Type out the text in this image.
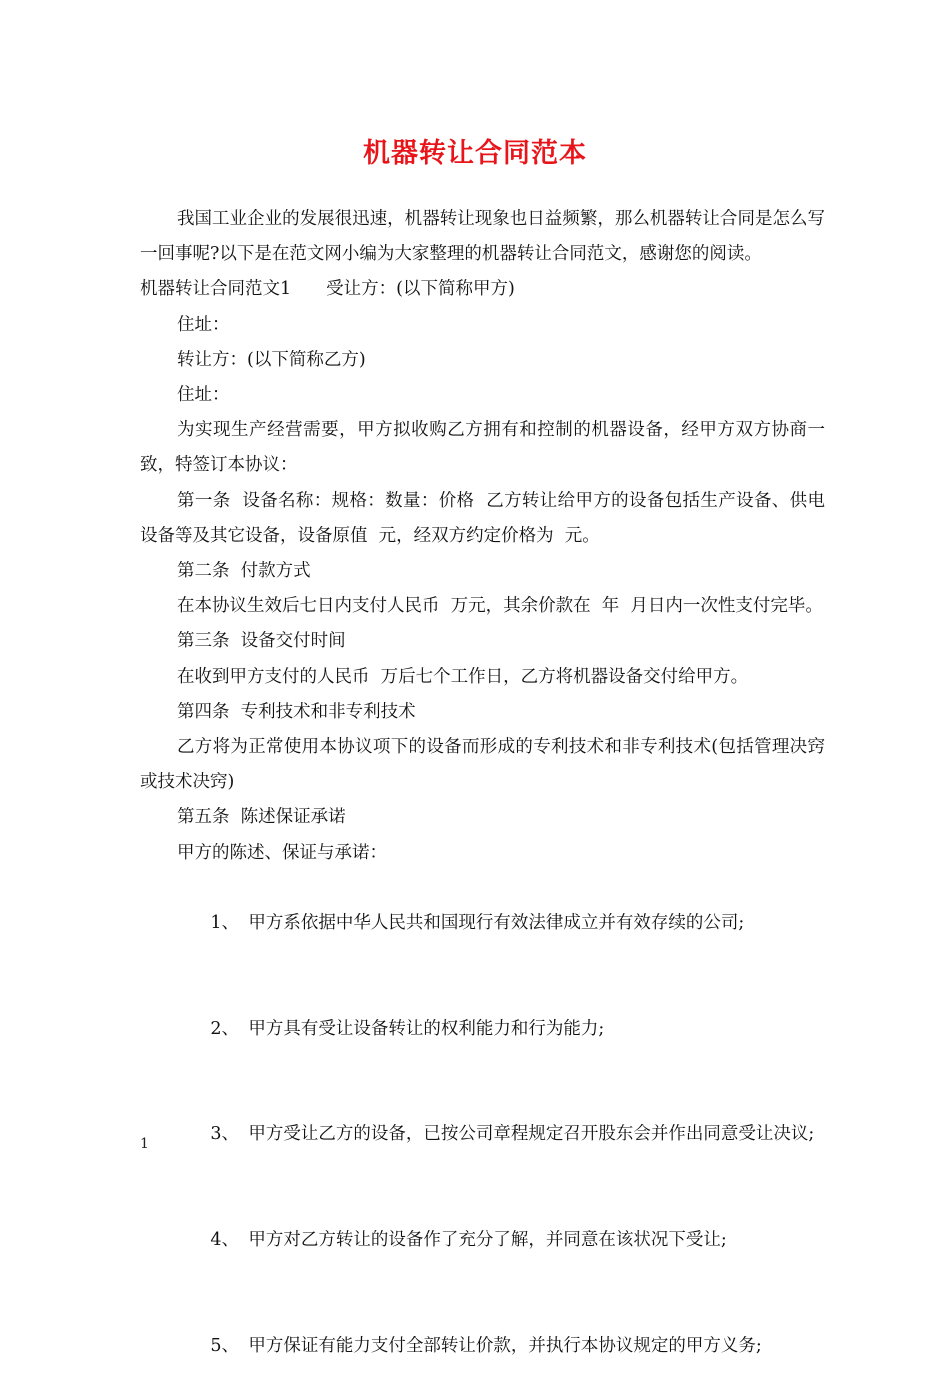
机器转让合同范本

我国工业企业的发展很迅速，机器转让现象也日益频繁，那么机器转让合同是怎么写一回事呢?以下是在范文网小编为大家整理的机器转让合同范文，感谢您的阅读。

机器转让合同范文1　　受让方：(以下简称甲方)

住址：

转让方：(以下简称乙方)

住址：

为实现生产经营需要，甲方拟收购乙方拥有和控制的机器设备，经甲方双方协商一致，特签订本协议：

第一条  设备名称：规格：数量：价格  乙方转让给甲方的设备包括生产设备、供电设备等及其它设备，设备原值  元，经双方约定价格为  元。

第二条  付款方式

在本协议生效后七日内支付人民币  万元，其余价款在  年  月日内一次性支付完毕。

第三条  设备交付时间

在收到甲方支付的人民币  万后七个工作日，乙方将机器设备交付给甲方。

第四条  专利技术和非专利技术

乙方将为正常使用本协议项下的设备而形成的专利技术和非专利技术(包括管理决窍或技术决窍)

第五条  陈述保证承诺

甲方的陈述、保证与承诺：

1、 甲方系依据中华人民共和国现行有效法律成立并有效存续的公司;

2、 甲方具有受让设备转让的权利能力和行为能力;

3、 甲方受让乙方的设备，已按公司章程规定召开股东会并作出同意受让决议;

4、 甲方对乙方转让的设备作了充分了解，并同意在该状况下受让;

5、 甲方保证有能力支付全部转让价款，并执行本协议规定的甲方义务;

1
